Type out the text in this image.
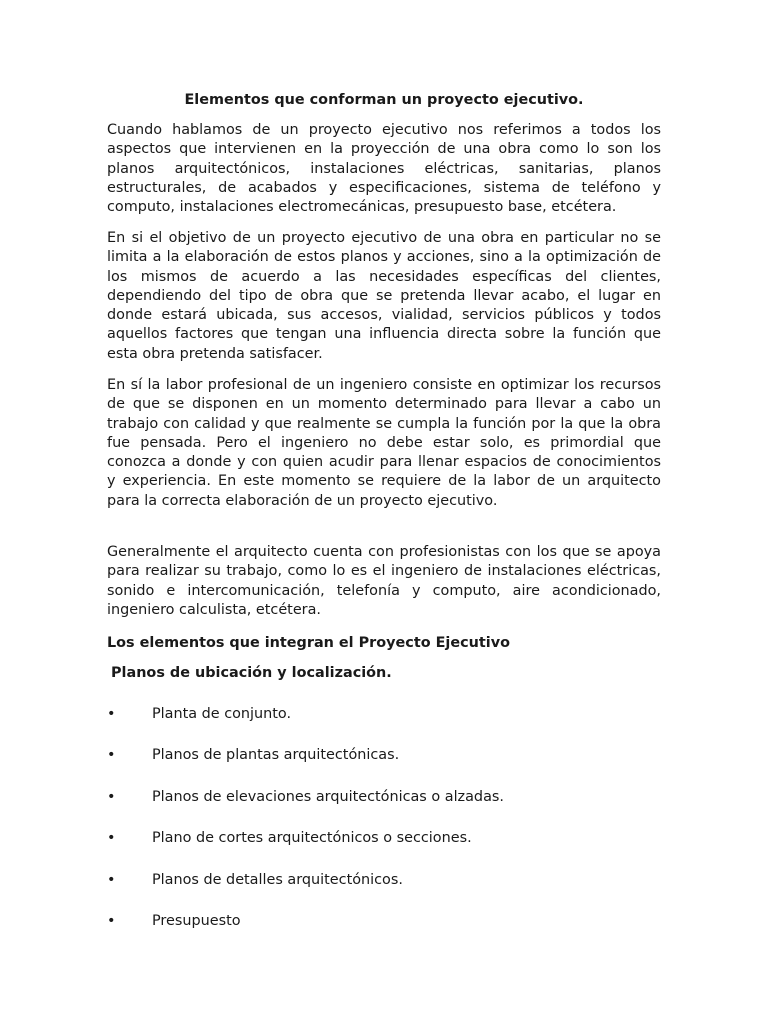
Elementos que conforman un proyecto ejecutivo.

Cuando hablamos de un proyecto ejecutivo nos referimos a todos los aspectos que intervienen en la proyección de una obra como lo son los planos arquitectónicos, instalaciones eléctricas, sanitarias, planos estructurales, de acabados y especificaciones, sistema de teléfono y computo, instalaciones electromecánicas, presupuesto base, etcétera.

En si el objetivo de un proyecto ejecutivo de una obra en particular no se limita a la elaboración de estos planos y acciones, sino a la optimización de los mismos de acuerdo a las necesidades específicas del clientes, dependiendo del tipo de obra que se pretenda llevar acabo, el lugar en donde estará ubicada, sus accesos, vialidad, servicios públicos y todos aquellos factores que tengan una influencia directa sobre la función que esta obra pretenda satisfacer.

En sí la labor profesional de un ingeniero consiste en optimizar los recursos de que se disponen en un momento determinado para llevar a cabo un trabajo con calidad y que realmente se cumpla la función por la que la obra fue pensada. Pero el ingeniero no debe estar solo, es primordial que conozca a donde y con quien acudir para llenar espacios de conocimientos y experiencia. En este momento se requiere de la labor de un arquitecto para la correcta elaboración de un proyecto ejecutivo.

Generalmente el arquitecto cuenta con profesionistas con los que se apoya para realizar su trabajo, como lo es el ingeniero de instalaciones eléctricas, sonido e intercomunicación, telefonía y computo, aire acondicionado, ingeniero calculista, etcétera.

Los elementos que integran el Proyecto Ejecutivo
Planos de ubicación y localización.
•	Planta de conjunto.
•	Planos de plantas arquitectónicas.
•	Planos de elevaciones arquitectónicas o alzadas.
•	Plano de cortes arquitectónicos o secciones.
•	Planos de detalles arquitectónicos.
•	Presupuesto
